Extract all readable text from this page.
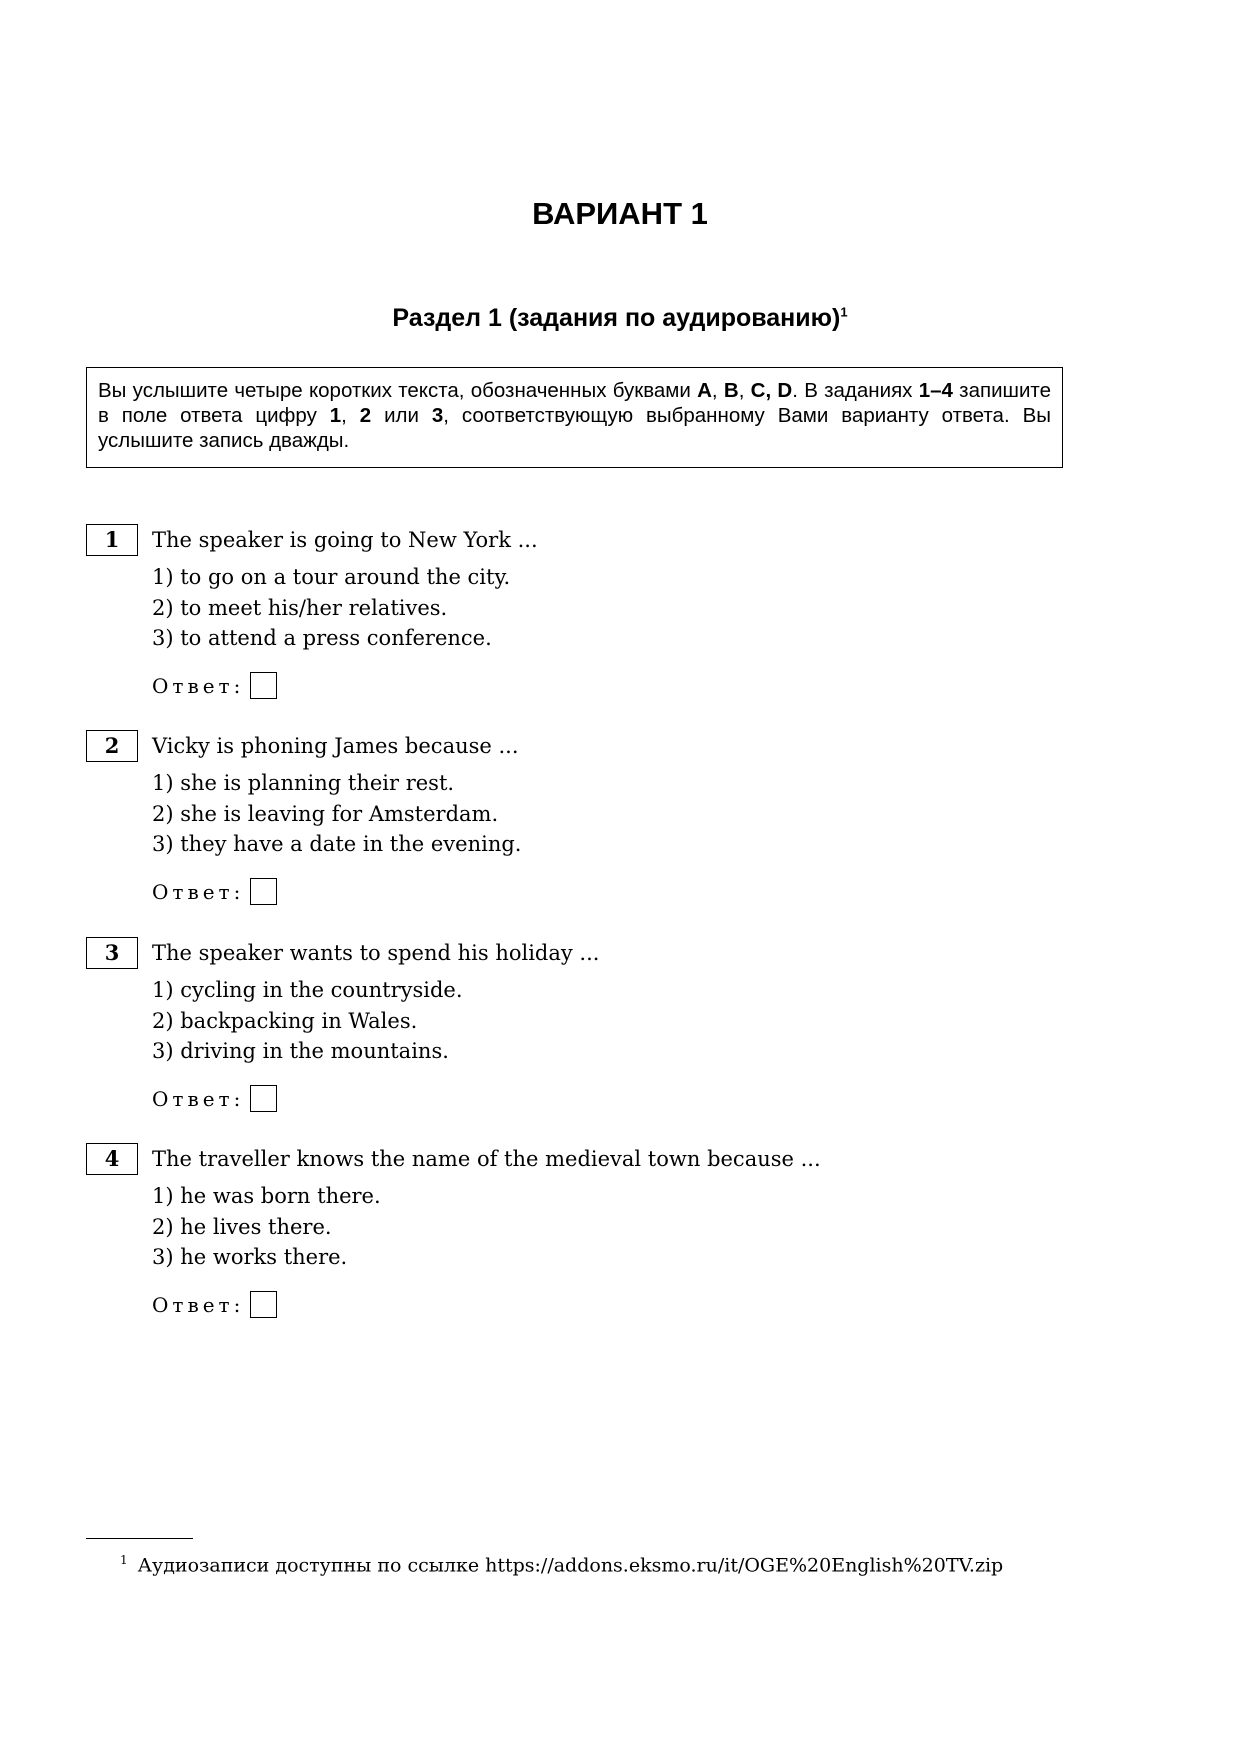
ВАРИАНТ 1
Раздел 1 (задания по аудированию)$^1$
Вы услышите четыре коротких текста, обозначенных буквами A, B, C, D. В заданиях 1–4 запишите в поле ответа цифру 1, 2 или 3, соответствующую выбранному Вами варианту ответа. Вы услышите запись дважды.
1	The speaker is going to New York ...
1) to go on a tour around the city.
2) to meet his/her relatives.
3) to attend a press conference.
Ответ:
2	Vicky is phoning James because ...
1) she is planning their rest.
2) she is leaving for Amsterdam.
3) they have a date in the evening.
Ответ:
3	The speaker wants to spend his holiday ...
1) cycling in the countryside.
2) backpacking in Wales.
3) driving in the mountains.
Ответ:
4	The traveller knows the name of the medieval town because ...
1) he was born there.
2) he lives there.
3) he works there.
Ответ:
$^1$ Аудиозаписи доступны по ссылке https://addons.eksmo.ru/it/OGE%20English%20TV.zip
